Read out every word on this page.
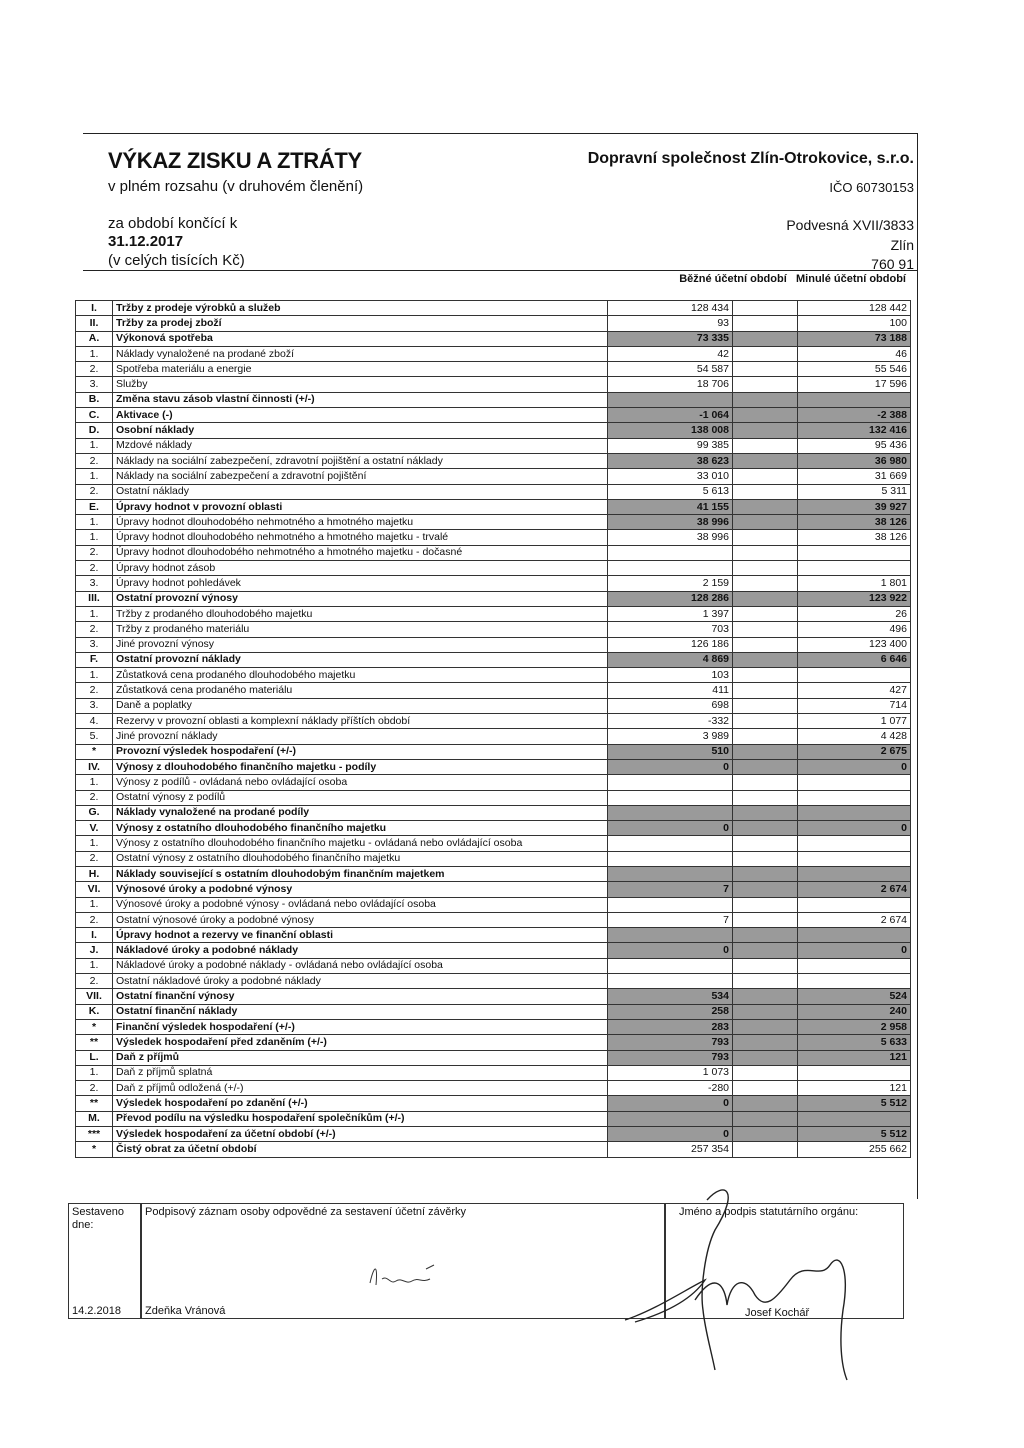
VÝKAZ ZISKU A ZTRÁTY
v plném rozsahu (v druhovém členění)
Dopravní společnost Zlín-Otrokovice, s.r.o.
IČO 60730153
za období končící k
31.12.2017
(v celých tisících Kč)
Podvesná XVII/3833
Zlín
760 91
Běžné účetní období Minulé účetní období
I.	Tržby z prodeje výrobků a služeb	128 434		128 442
II.	Tržby za prodej zboží	93		100
A.	Výkonová spotřeba	73 335		73 188
1.	Náklady vynaložené na prodané zboží	42		46
2.	Spotřeba materiálu a energie	54 587		55 546
3.	Služby	18 706		17 596
B.	Změna stavu zásob vlastní činnosti (+/-)			
C.	Aktivace (-)	-1 064		-2 388
D.	Osobní náklady	138 008		132 416
1.	Mzdové náklady	99 385		95 436
2.	Náklady na sociální zabezpečení, zdravotní pojištění a ostatní náklady	38 623		36 980
1.	Náklady na sociální zabezpečení a zdravotní pojištění	33 010		31 669
2.	Ostatní náklady	5 613		5 311
E.	Úpravy hodnot v provozní oblasti	41 155		39 927
1.	Úpravy hodnot dlouhodobého nehmotného a hmotného majetku	38 996		38 126
1.	Úpravy hodnot dlouhodobého nehmotného a hmotného majetku - trvalé	38 996		38 126
2.	Úpravy hodnot dlouhodobého nehmotného a hmotného majetku - dočasné			
2.	Úpravy hodnot zásob			
3.	Úpravy hodnot pohledávek	2 159		1 801
III.	Ostatní provozní výnosy	128 286		123 922
1.	Tržby z prodaného dlouhodobého majetku	1 397		26
2.	Tržby z prodaného materiálu	703		496
3.	Jiné provozní výnosy	126 186		123 400
F.	Ostatní provozní náklady	4 869		6 646
1.	Zůstatková cena prodaného dlouhodobého majetku	103		
2.	Zůstatková cena prodaného materiálu	411		427
3.	Daně a poplatky	698		714
4.	Rezervy v provozní oblasti a komplexní náklady příštích období	-332		1 077
5.	Jiné provozní náklady	3 989		4 428
*	Provozní výsledek hospodaření (+/-)	510		2 675
IV.	Výnosy z dlouhodobého finančního majetku - podíly	0		0
1.	Výnosy z podílů - ovládaná nebo ovládající osoba			
2.	Ostatní výnosy z podílů			
G.	Náklady vynaložené na prodané podíly			
V.	Výnosy z ostatního dlouhodobého finančního majetku	0		0
1.	Výnosy z ostatního dlouhodobého finančního majetku - ovládaná nebo ovládající osoba			
2.	Ostatní výnosy z ostatního dlouhodobého finančního majetku			
H.	Náklady související s ostatním dlouhodobým finančním majetkem			
VI.	Výnosové úroky a podobné výnosy	7		2 674
1.	Výnosové úroky a podobné výnosy - ovládaná nebo ovládající osoba			
2.	Ostatní výnosové úroky a podobné výnosy	7		2 674
I.	Úpravy hodnot a rezervy ve finanční oblasti			
J.	Nákladové úroky a podobné náklady	0		0
1.	Nákladové úroky a podobné náklady - ovládaná nebo ovládající osoba			
2.	Ostatní nákladové úroky a podobné náklady			
VII.	Ostatní finanční výnosy	534		524
K.	Ostatní finanční náklady	258		240
*	Finanční výsledek hospodaření (+/-)	283		2 958
**	Výsledek hospodaření před zdaněním (+/-)	793		5 633
L.	Daň z příjmů	793		121
1.	Daň z příjmů splatná	1 073		
2.	Daň z příjmů odložená (+/-)	-280		121
**	Výsledek hospodaření po zdanění (+/-)	0		5 512
M.	Převod podílu na výsledku hospodaření společníkům (+/-)			
***	Výsledek hospodaření za účetní období (+/-)	0		5 512
*	Čistý obrat za účetní období	257 354		255 662
Sestaveno dne:
14.2.2018
Podpisový záznam osoby odpovědné za sestavení účetní závěrky
Zdeňka Vránová
Jméno a podpis statutárního orgánu:
Josef Kochář
